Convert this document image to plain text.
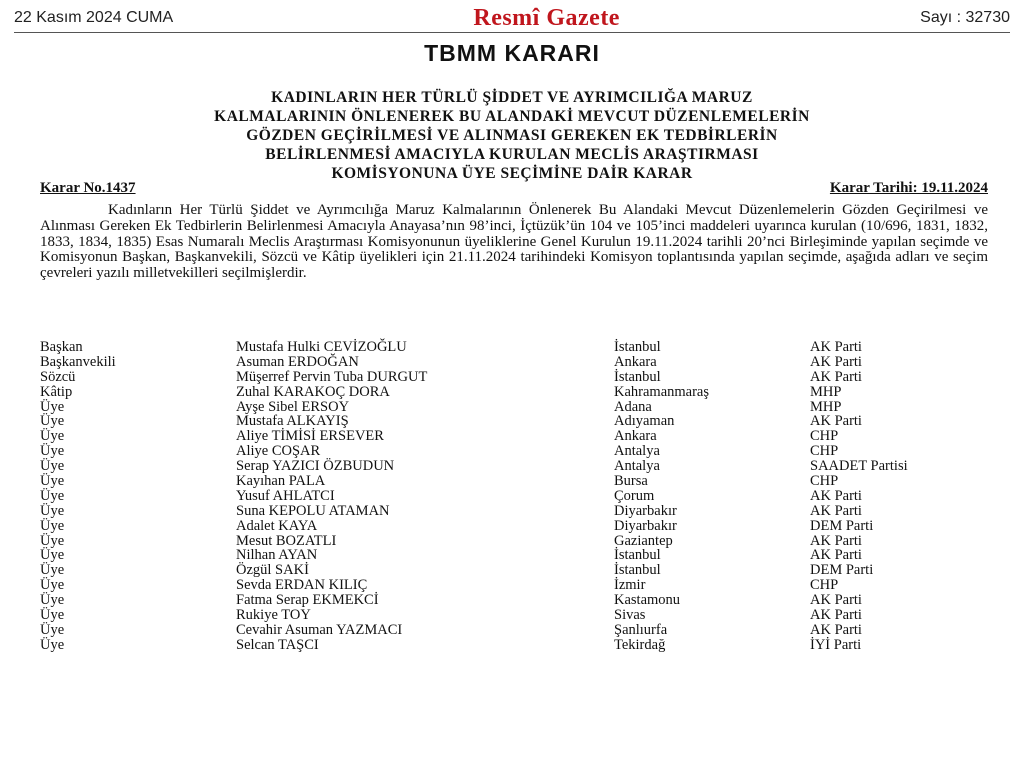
22 Kasım 2024 CUMA	Resmî Gazete	Sayı : 32730
TBMM KARARI
KADINLARIN HER TÜRLÜ ŞİDDET VE AYRIMCILIĞA MARUZ
KALMALARININ ÖNLENEREK BU ALANDAKİ MEVCUT DÜZENLEMELERİN
GÖZDEN GEÇİRİLMESİ VE ALINMASI GEREKEN EK TEDBİRLERİN
BELİRLENMESİ AMACIYLA KURULAN MECLİS ARAŞTIRMASI
KOMİSYONUNA ÜYE SEÇİMİNE DAİR KARAR
Karar No.1437	Karar Tarihi: 19.11.2024
Kadınların Her Türlü Şiddet ve Ayrımcılığa Maruz Kalmalarının Önlenerek Bu Alandaki Mevcut Düzenlemelerin Gözden Geçirilmesi ve Alınması Gereken Ek Tedbirlerin Belirlenmesi Amacıyla Anayasa’nın 98’inci, İçtüzük’ün 104 ve 105’inci maddeleri uyarınca kurulan (10/696, 1831, 1832, 1833, 1834, 1835) Esas Numaralı Meclis Araştırması Komisyonunun üyeliklerine Genel Kurulun 19.11.2024 tarihli 20’nci Birleşiminde yapılan seçimde ve Komisyonun Başkan, Başkanvekili, Sözcü ve Kâtip üyelikleri için 21.11.2024 tarihindeki Komisyon toplantısında yapılan seçimde, aşağıda adları ve seçim çevreleri yazılı milletvekilleri seçilmişlerdir.
Başkan	Mustafa Hulki CEVİZOĞLU	İstanbul	AK Parti
Başkanvekili	Asuman ERDOĞAN	Ankara	AK Parti
Sözcü	Müşerref Pervin Tuba DURGUT	İstanbul	AK Parti
Kâtip	Zuhal KARAKOÇ DORA	Kahramanmaraş	MHP
Üye	Ayşe Sibel ERSOY	Adana	MHP
Üye	Mustafa ALKAYIŞ	Adıyaman	AK Parti
Üye	Aliye TİMİSİ ERSEVER	Ankara	CHP
Üye	Aliye COŞAR	Antalya	CHP
Üye	Serap YAZICI ÖZBUDUN	Antalya	SAADET Partisi
Üye	Kayıhan PALA	Bursa	CHP
Üye	Yusuf AHLATCI	Çorum	AK Parti
Üye	Suna KEPOLU ATAMAN	Diyarbakır	AK Parti
Üye	Adalet KAYA	Diyarbakır	DEM Parti
Üye	Mesut BOZATLI	Gaziantep	AK Parti
Üye	Nilhan AYAN	İstanbul	AK Parti
Üye	Özgül SAKİ	İstanbul	DEM Parti
Üye	Sevda ERDAN KILIÇ	İzmir	CHP
Üye	Fatma Serap EKMEKCİ	Kastamonu	AK Parti
Üye	Rukiye TOY	Sivas	AK Parti
Üye	Cevahir Asuman YAZMACI	Şanlıurfa	AK Parti
Üye	Selcan TAŞCI	Tekirdağ	İYİ Parti
